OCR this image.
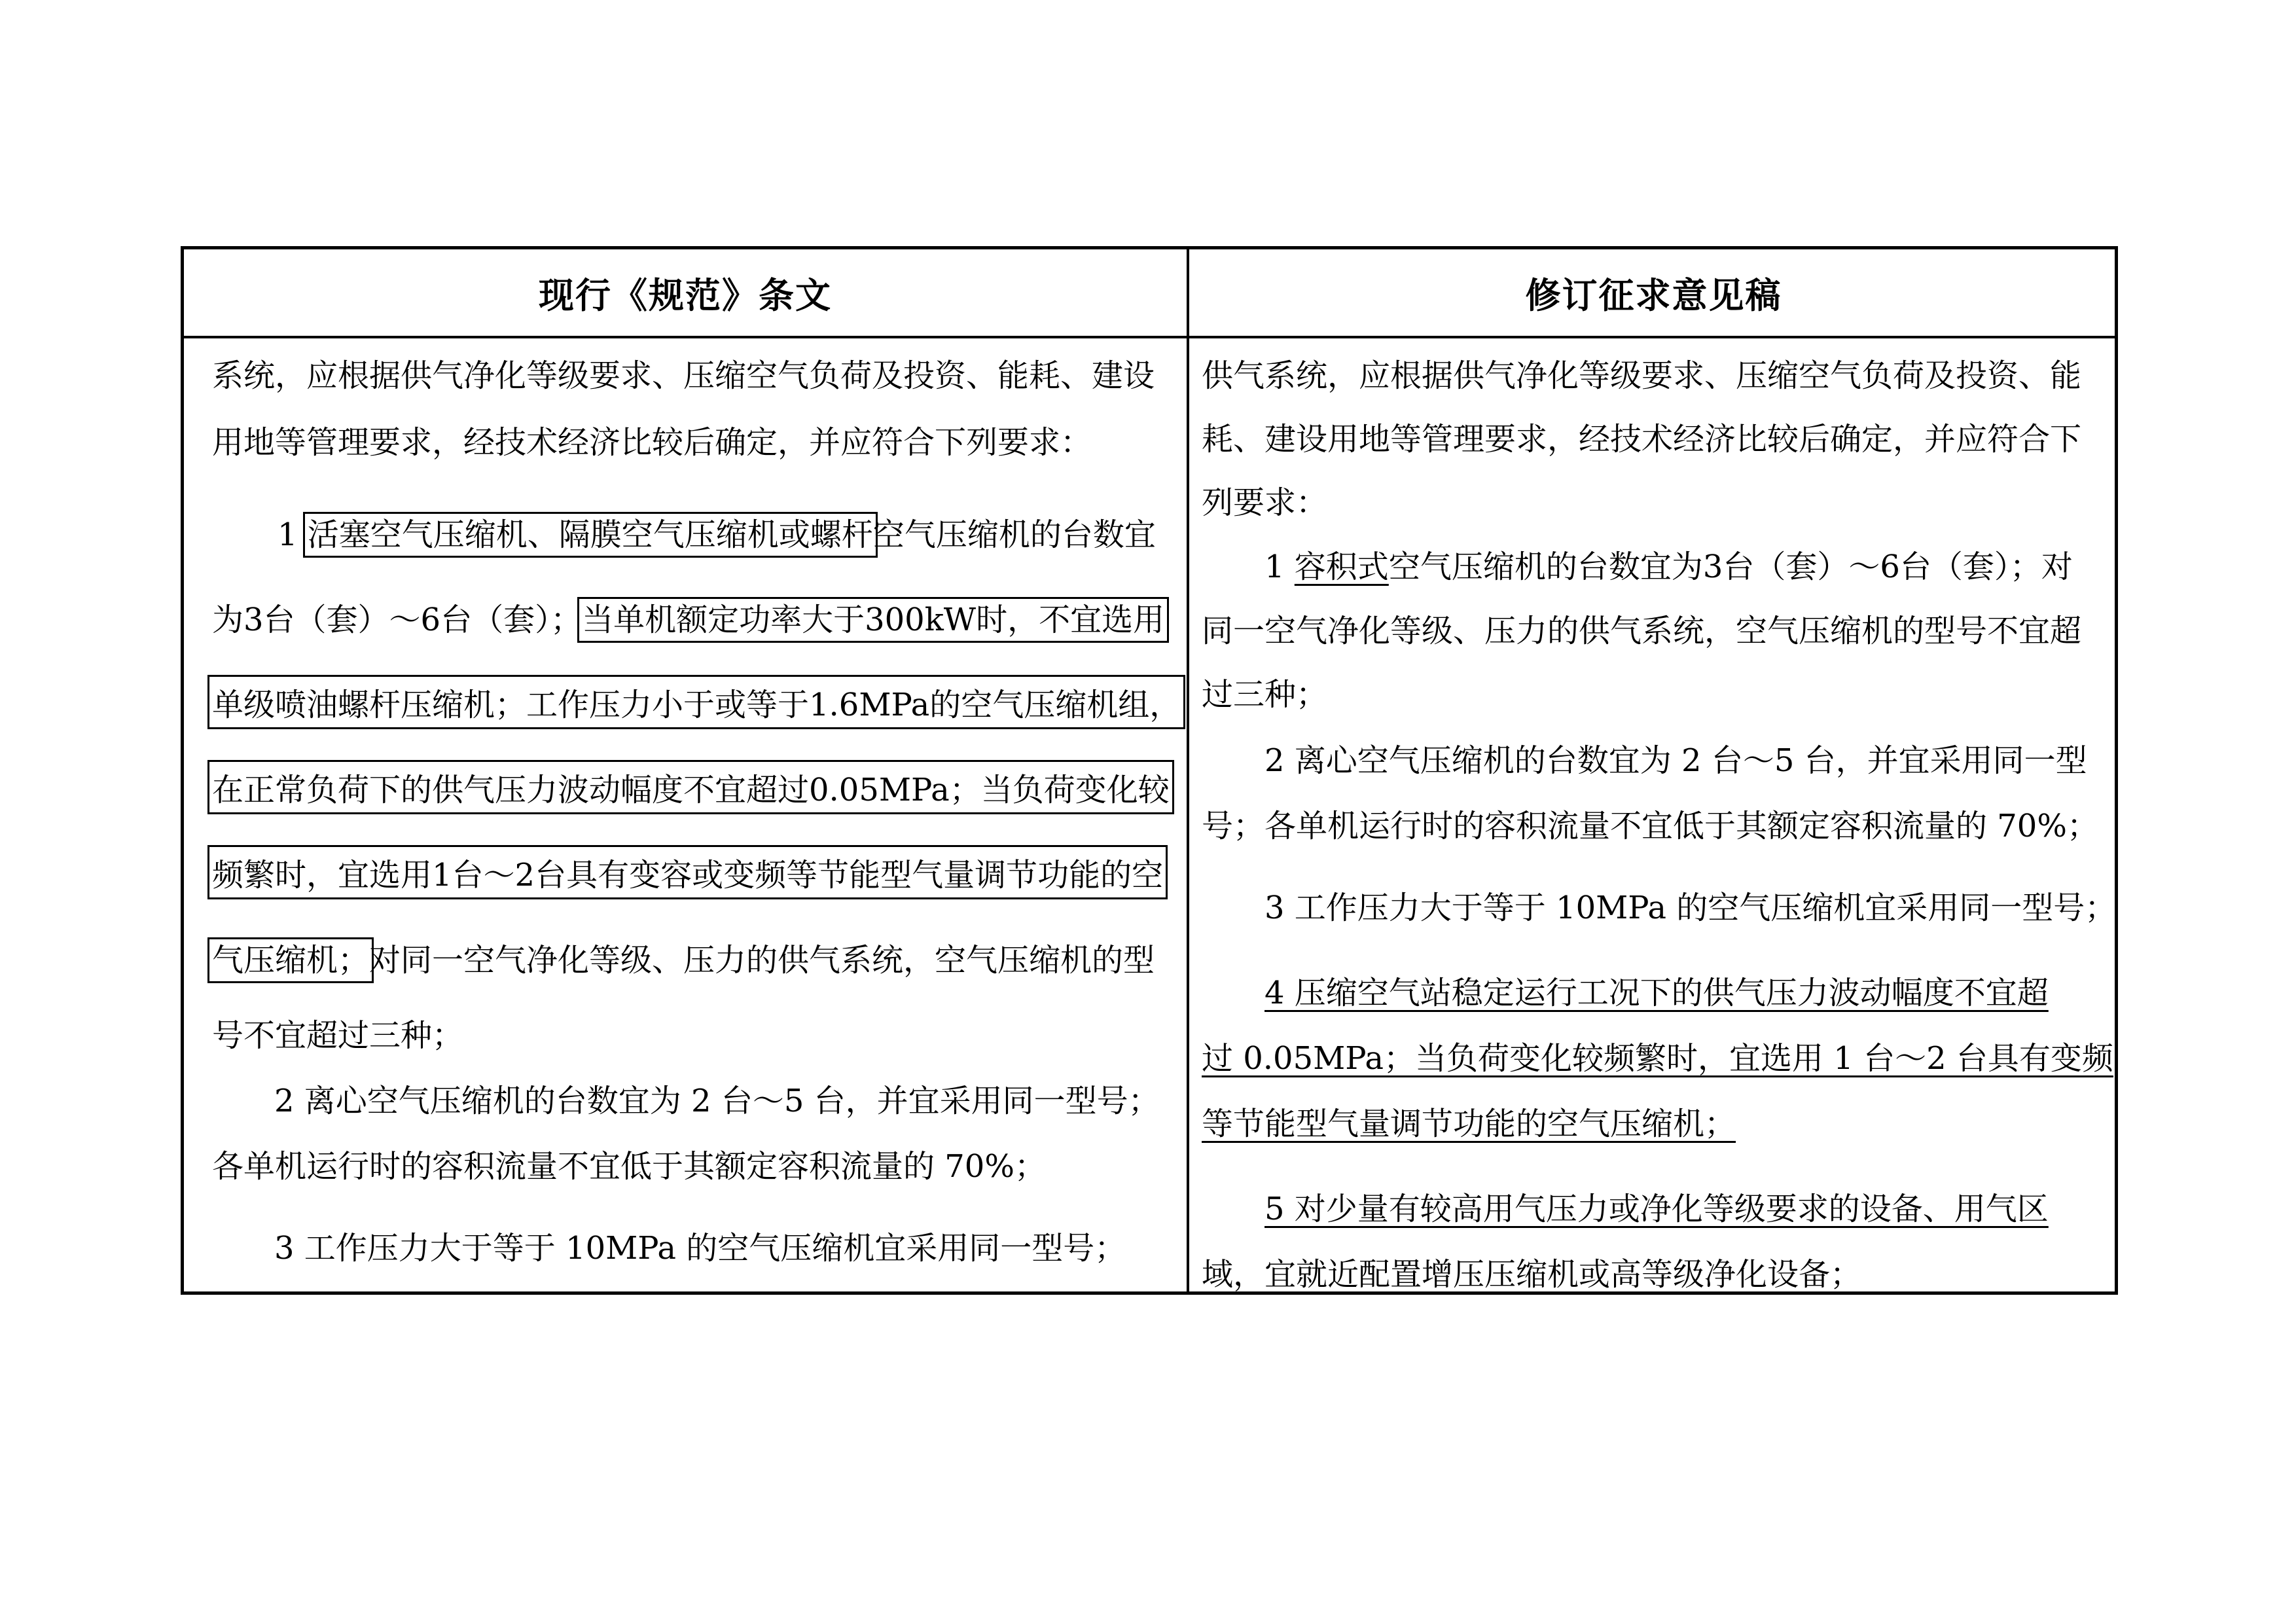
现行《规范》条文	修订征求意见稿
系统，应根据供气净化等级要求、压缩空气负荷及投资、能耗、建设
用地等管理要求，经技术经济比较后确定，并应符合下列要求：
1 活塞空气压缩机、隔膜空气压缩机或螺杆空气压缩机的台数宜
为3台（套）～6台（套）；当单机额定功率大于300kW时，不宜选用
单级喷油螺杆压缩机；工作压力小于或等于1.6MPa的空气压缩机组，
在正常负荷下的供气压力波动幅度不宜超过0.05MPa；当负荷变化较
频繁时，宜选用1台～2台具有变容或变频等节能型气量调节功能的空
气压缩机；对同一空气净化等级、压力的供气系统，空气压缩机的型
号不宜超过三种；
2 离心空气压缩机的台数宜为 2 台～5 台，并宜采用同一型号；
各单机运行时的容积流量不宜低于其额定容积流量的 70%；
3 工作压力大于等于 10MPa 的空气压缩机宜采用同一型号；
供气系统，应根据供气净化等级要求、压缩空气负荷及投资、能
耗、建设用地等管理要求，经技术经济比较后确定，并应符合下
列要求：
1 容积式空气压缩机的台数宜为3台（套）～6台（套）；对
同一空气净化等级、压力的供气系统，空气压缩机的型号不宜超
过三种；
2 离心空气压缩机的台数宜为 2 台～5 台，并宜采用同一型
号；各单机运行时的容积流量不宜低于其额定容积流量的 70%；
3 工作压力大于等于 10MPa 的空气压缩机宜采用同一型号；
4 压缩空气站稳定运行工况下的供气压力波动幅度不宜超
过 0.05MPa；当负荷变化较频繁时，宜选用 1 台～2 台具有变频
等节能型气量调节功能的空气压缩机；
5 对少量有较高用气压力或净化等级要求的设备、用气区
域，宜就近配置增压压缩机或高等级净化设备；
